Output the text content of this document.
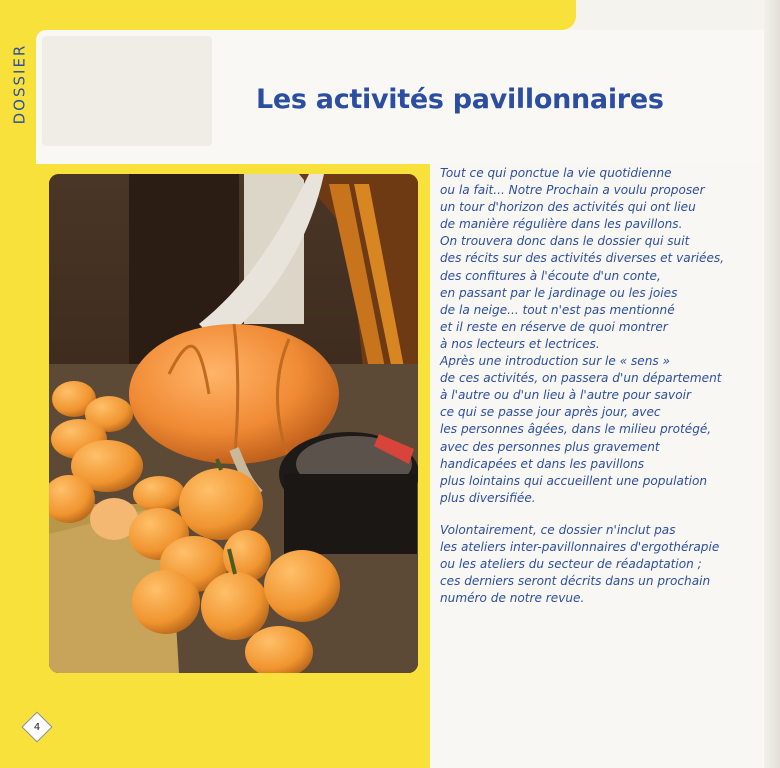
DOSSIER	Les activités pavillonnaires

Tout ce qui ponctue la vie quotidienne
ou la fait... Notre Prochain a voulu proposer
un tour d'horizon des activités qui ont lieu
de manière régulière dans les pavillons.
On trouvera donc dans le dossier qui suit
des récits sur des activités diverses et variées,
des confitures à l'écoute d'un conte,
en passant par le jardinage ou les joies
de la neige... tout n'est pas mentionné
et il reste en réserve de quoi montrer
à nos lecteurs et lectrices.
Après une introduction sur le « sens »
de ces activités, on passera d'un département
à l'autre ou d'un lieu à l'autre pour savoir
ce qui se passe jour après jour, avec
les personnes âgées, dans le milieu protégé,
avec des personnes plus gravement
handicapées et dans les pavillons
plus lointains qui accueillent une population
plus diversifiée.

Volontairement, ce dossier n'inclut pas
les ateliers inter-pavillonnaires d'ergothérapie
ou les ateliers du secteur de réadaptation ;
ces derniers seront décrits dans un prochain
numéro de notre revue.

4
